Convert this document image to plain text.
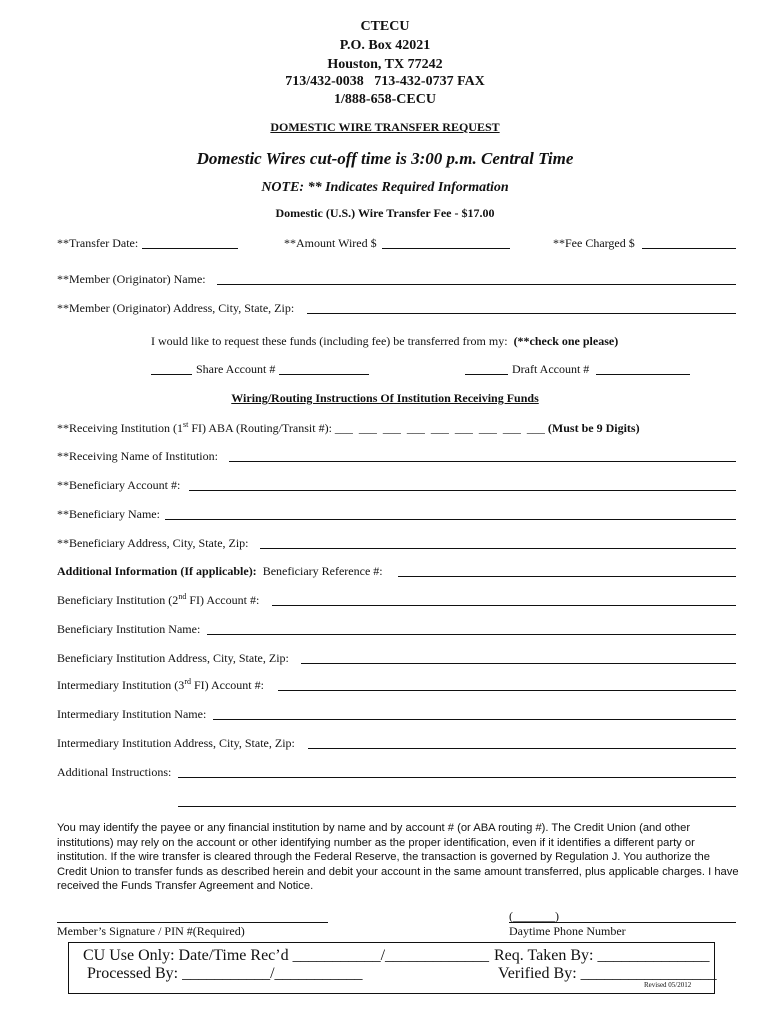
CTECU
P.O. Box 42021
Houston, TX 77242
713/432-0038   713-432-0737 FAX
1/888-658-CECU
DOMESTIC WIRE TRANSFER REQUEST
Domestic Wires cut-off time is 3:00 p.m. Central Time
NOTE: ** Indicates Required Information
Domestic (U.S.) Wire Transfer Fee - $17.00
**Transfer Date:	**Amount Wired $	**Fee Charged $
**Member (Originator) Name:
**Member (Originator) Address, City, State, Zip:
I would like to request these funds (including fee) be transferred from my: (**check one please)
Share Account #	Draft Account #
Wiring/Routing Instructions Of Institution Receiving Funds
**Receiving Institution (1st FI) ABA (Routing/Transit #): ___  ___  ___  ___  ___  ___  ___  ___  ___ (Must be 9 Digits)
**Receiving Name of Institution:
**Beneficiary Account #:
**Beneficiary Name:
**Beneficiary Address, City, State, Zip:
Additional Information (If applicable): Beneficiary Reference #:
Beneficiary Institution (2nd FI) Account #:
Beneficiary Institution Name:
Beneficiary Institution Address, City, State, Zip:
Intermediary Institution (3rd FI) Account #:
Intermediary Institution Name:
Intermediary Institution Address, City, State, Zip:
Additional Instructions:
You may identify the payee or any financial institution by name and by account # (or ABA routing #). The Credit Union (and other institutions) may rely on the account or other identifying number as the proper identification, even if it identifies a different party or institution. If the wire transfer is cleared through the Federal Reserve, the transaction is governed by Regulation J. You authorize the Credit Union to transfer funds as described herein and debit your account in the same amount transferred, plus applicable charges. I have received the Funds Transfer Agreement and Notice.
Member’s Signature / PIN #(Required)
(_______)
Daytime Phone Number
CU Use Only: Date/Time Rec’d ___________/_____________ Req. Taken By: ______________
Processed By: ___________/___________	Verified By: _________________
Revised 05/2012
